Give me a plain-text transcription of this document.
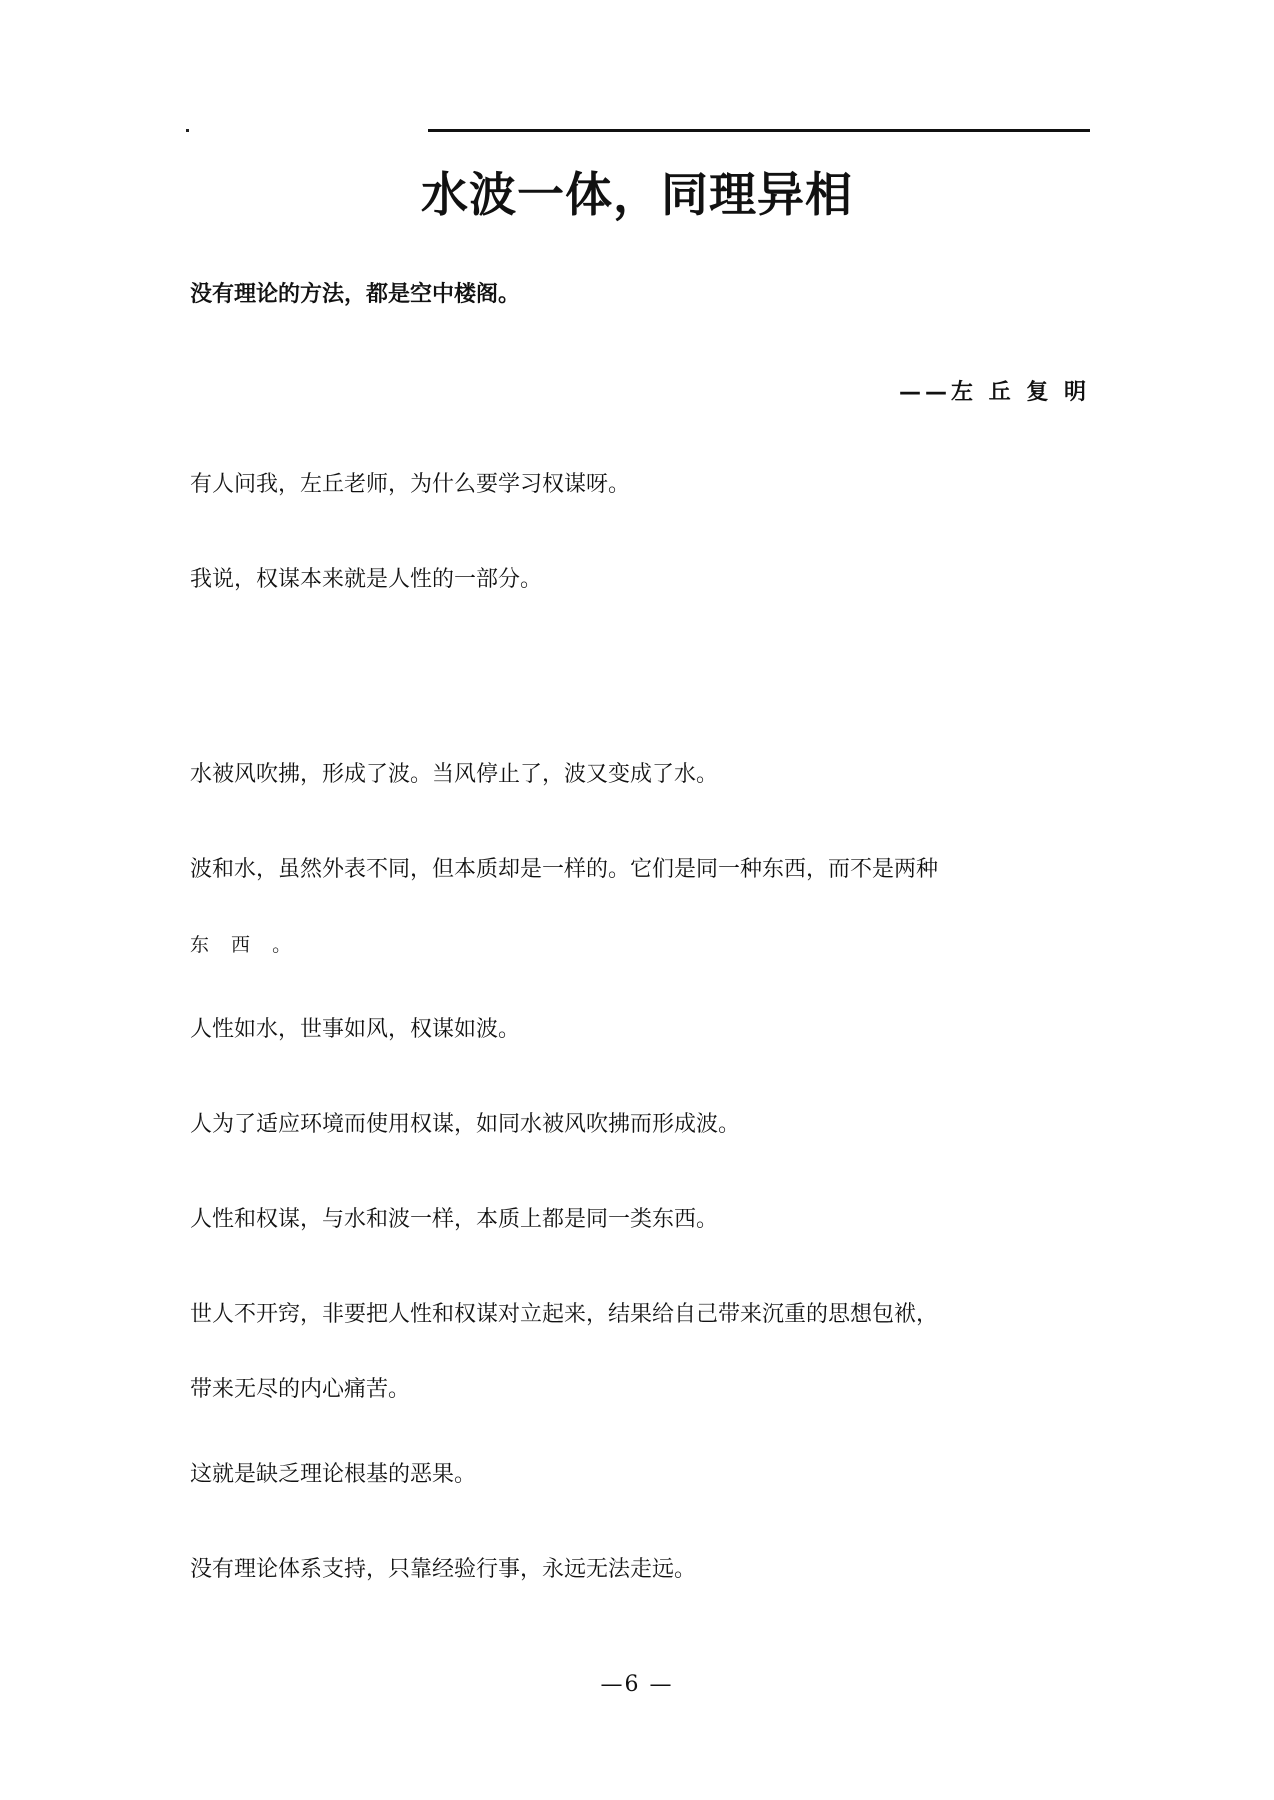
水波一体，同理异相
没有理论的方法，都是空中楼阁。
——左 丘 复 明
有人问我，左丘老师，为什么要学习权谋呀。
我说，权谋本来就是人性的一部分。
水被风吹拂，形成了波。当风停止了，波又变成了水。
波和水，虽然外表不同，但本质却是一样的。它们是同一种东西，而不是两种
东 西 。
人性如水，世事如风，权谋如波。
人为了适应环境而使用权谋，如同水被风吹拂而形成波。
人性和权谋，与水和波一样，本质上都是同一类东西。
世人不开窍，非要把人性和权谋对立起来，结果给自己带来沉重的思想包袱，
带来无尽的内心痛苦。
这就是缺乏理论根基的恶果。
没有理论体系支持，只靠经验行事，永远无法走远。
—6 —
